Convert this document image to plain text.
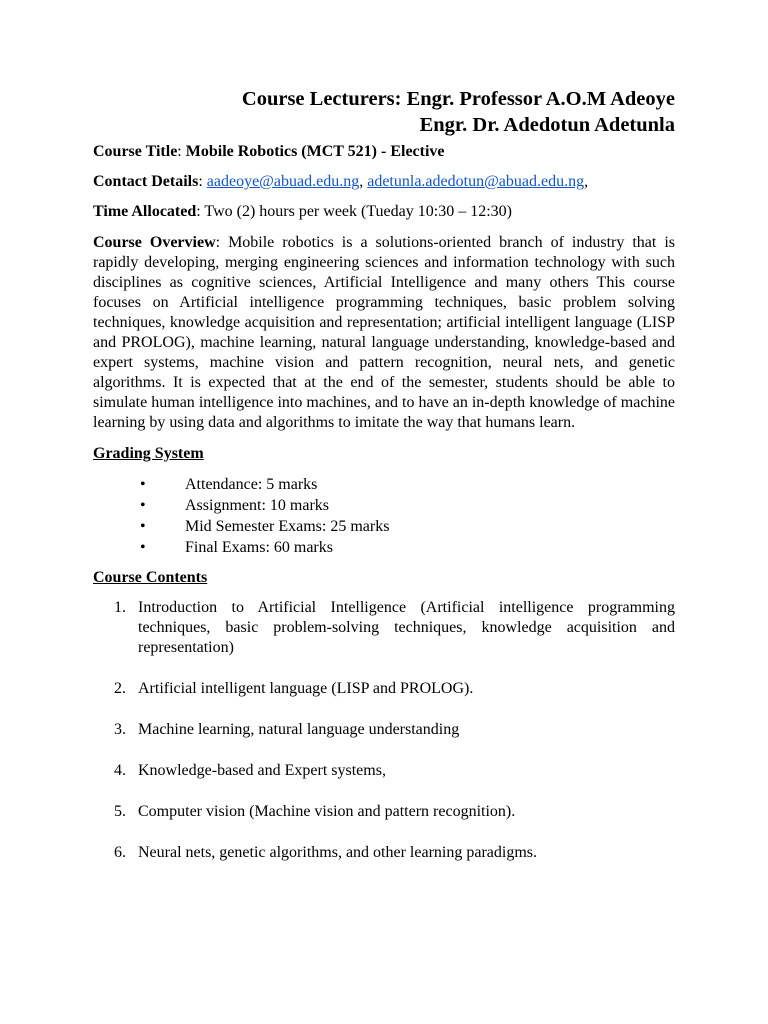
Course Lecturers: Engr. Professor A.O.M Adeoye
Engr. Dr. Adedotun Adetunla
Course Title: Mobile Robotics (MCT 521) - Elective
Contact Details: aadeoye@abuad.edu.ng, adetunla.adedotun@abuad.edu.ng,
Time Allocated: Two (2) hours per week (Tueday 10:30 – 12:30)
Course Overview: Mobile robotics is a solutions-oriented branch of industry that is rapidly developing, merging engineering sciences and information technology with such disciplines as cognitive sciences, Artificial Intelligence and many others This course focuses on Artificial intelligence programming techniques, basic problem solving techniques, knowledge acquisition and representation; artificial intelligent language (LISP and PROLOG), machine learning, natural language understanding, knowledge-based and expert systems, machine vision and pattern recognition, neural nets, and genetic algorithms. It is expected that at the end of the semester, students should be able to simulate human intelligence into machines, and to have an in-depth knowledge of machine learning by using data and algorithms to imitate the way that humans learn.
Grading System
• Attendance: 5 marks
• Assignment: 10 marks
• Mid Semester Exams: 25 marks
• Final Exams: 60 marks
Course Contents
1. Introduction to Artificial Intelligence (Artificial intelligence programming techniques, basic problem-solving techniques, knowledge acquisition and representation)
2. Artificial intelligent language (LISP and PROLOG).
3. Machine learning, natural language understanding
4. Knowledge-based and Expert systems,
5. Computer vision (Machine vision and pattern recognition).
6. Neural nets, genetic algorithms, and other learning paradigms.
